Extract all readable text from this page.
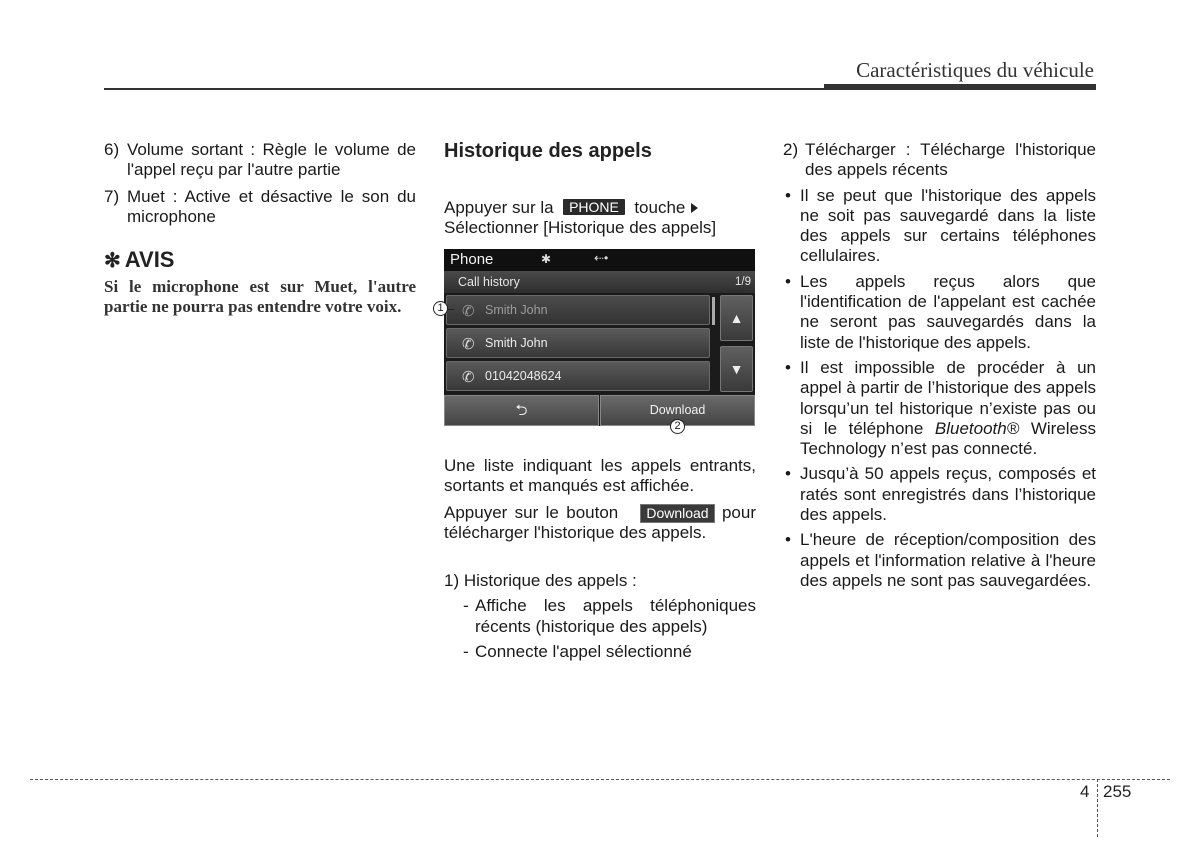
Caractéristiques du véhicule
6) Volume sortant : Règle le volume de l'appel reçu par l'autre partie
7) Muet : Active et désactive le son du microphone
✻ AVIS
Si le microphone est sur Muet, l'autre partie ne pourra pas entendre votre voix.
Historique des appels
Appuyer sur la PHONE touche
Sélectionner [Historique des appels]
Phone	✱	⇠•
Call history	1/9
✆ Smith John
✆ Smith John
✆ 01042048624
▲
▼
⮌	Download
1
2
Une liste indiquant les appels entrants, sortants et manqués est affichée.
Appuyer sur le bouton Download pour télécharger l'historique des appels.
1) Historique des appels :
- Affiche les appels téléphoniques récents (historique des appels)
- Connecte l'appel sélectionné
2) Télécharger : Télécharge l'historique des appels récents
• Il se peut que l'historique des appels ne soit pas sauvegardé dans la liste des appels sur certains téléphones cellulaires.
• Les appels reçus alors que l'identification de l'appelant est cachée ne seront pas sauvegardés dans la liste de l'historique des appels.
• Il est impossible de procéder à un appel à partir de l’historique des appels lorsqu’un tel historique n’existe pas ou si le téléphone Bluetooth® Wireless Technology n’est pas connecté.
• Jusqu’à 50 appels reçus, composés et ratés sont enregistrés dans l’historique des appels.
• L'heure de réception/composition des appels et l'information relative à l'heure des appels ne sont pas sauvegardées.
4 255
